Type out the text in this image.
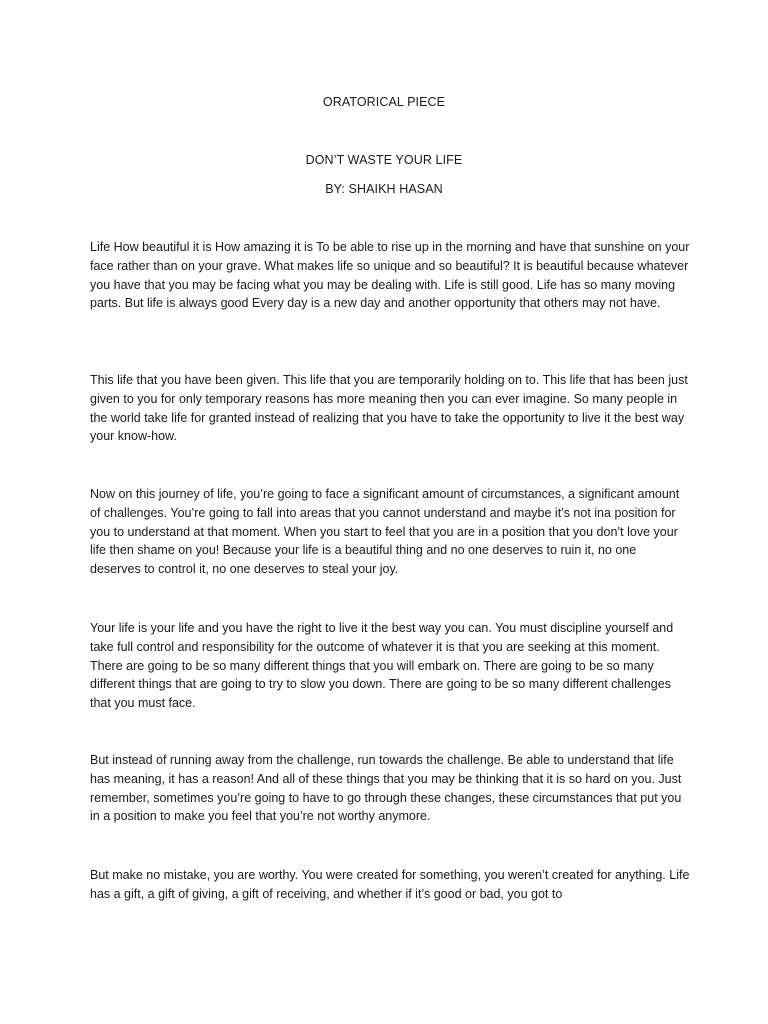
ORATORICAL PIECE

DON’T WASTE YOUR LIFE

BY: SHAIKH HASAN

Life How beautiful it is How amazing it is To be able to rise up in the morning and have that sunshine on your face rather than on your grave. What makes life so unique and so beautiful? It is beautiful because whatever you have that you may be facing what you may be dealing with. Life is still good. Life has so many moving parts. But life is always good Every day is a new day and another opportunity that others may not have.

This life that you have been given. This life that you are temporarily holding on to. This life that has been just given to you for only temporary reasons has more meaning then you can ever imagine. So many people in the world take life for granted instead of realizing that you have to take the opportunity to live it the best way your know-how.

Now on this journey of life, you’re going to face a significant amount of circumstances, a significant amount of challenges. You’re going to fall into areas that you cannot understand and maybe it’s not ina position for you to understand at that moment. When you start to feel that you are in a position that you don’t love your life then shame on you! Because your life is a beautiful thing and no one deserves to ruin it, no one deserves to control it, no one deserves to steal your joy.

Your life is your life and you have the right to live it the best way you can. You must discipline yourself and take full control and responsibility for the outcome of whatever it is that you are seeking at this moment. There are going to be so many different things that you will embark on. There are going to be so many different things that are going to try to slow you down. There are going to be so many different challenges that you must face.

But instead of running away from the challenge, run towards the challenge. Be able to understand that life has meaning, it has a reason! And all of these things that you may be thinking that it is so hard on you. Just remember, sometimes you’re going to have to go through these changes, these circumstances that put you in a position to make you feel that you’re not worthy anymore.

But make no mistake, you are worthy. You were created for something, you weren’t created for anything. Life has a gift, a gift of giving, a gift of receiving, and whether if it’s good or bad, you got to
